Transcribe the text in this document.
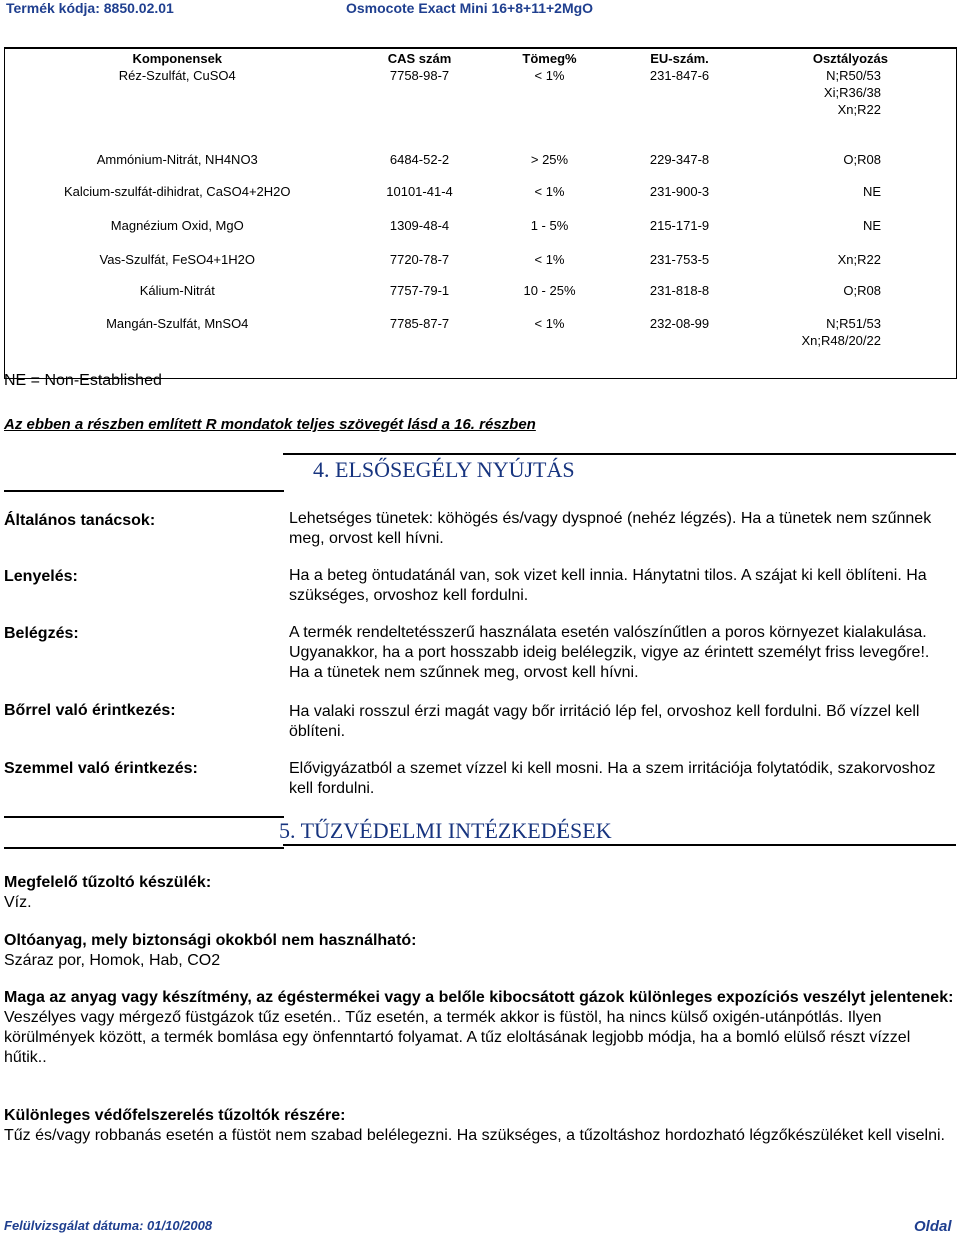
Termék kódja: 8850.02.01	Osmocote Exact Mini 16+8+11+2MgO
Komponensek	CAS szám	Tömeg%	EU-szám.	Osztályozás
Réz-Szulfát, CuSO4	7758-98-7	< 1%	231-847-6	N;R50/53
Xi;R36/38
Xn;R22
Ammónium-Nitrát, NH4NO3	6484-52-2	> 25%	229-347-8	O;R08
Kalcium-szulfát-dihidrat, CaSO4+2H2O	10101-41-4	< 1%	231-900-3	NE
Magnézium Oxid, MgO	1309-48-4	1 - 5%	215-171-9	NE
Vas-Szulfát, FeSO4+1H2O	7720-78-7	< 1%	231-753-5	Xn;R22
Kálium-Nitrát	7757-79-1	10 - 25%	231-818-8	O;R08
Mangán-Szulfát, MnSO4	7785-87-7	< 1%	232-08-99	N;R51/53
Xn;R48/20/22
NE = Non-Established
Az ebben a részben említett R mondatok teljes szövegét lásd a 16. részben
4. ELSŐSEGÉLY NYÚJTÁS
Általános tanácsok:	Lehetséges tünetek: köhögés és/vagy dyspnoé (nehéz légzés). Ha a tünetek nem szűnnek meg, orvost kell hívni.
Lenyelés:	Ha a beteg öntudatánál van, sok vizet kell innia. Hánytatni tilos. A szájat ki kell öblíteni. Ha szükséges, orvoshoz kell fordulni.
Belégzés:	A termék rendeltetésszerű használata esetén valószínűtlen a poros környezet kialakulása. Ugyanakkor, ha a port hosszabb ideig belélegzik, vigye az érintett személyt friss levegőre!. Ha a tünetek nem szűnnek meg, orvost kell hívni.
Bőrrel való érintkezés:	Ha valaki rosszul érzi magát vagy bőr irritáció lép fel, orvoshoz kell fordulni. Bő vízzel kell öblíteni.
Szemmel való érintkezés:	Elővigyázatból a szemet vízzel ki kell mosni. Ha a szem irritációja folytatódik, szakorvoshoz kell fordulni.
5. TŰZVÉDELMI INTÉZKEDÉSEK
Megfelelő tűzoltó készülék:
Víz.
Oltóanyag, mely biztonsági okokból nem használható:
Száraz por, Homok, Hab, CO2
Maga az anyag vagy készítmény, az égéstermékei vagy a belőle kibocsátott gázok különleges expozíciós veszélyt jelentenek:
Veszélyes vagy mérgező füstgázok tűz esetén.. Tűz esetén, a termék akkor is füstöl, ha nincs külső oxigén-utánpótlás. Ilyen körülmények között, a termék bomlása egy önfenntartó folyamat. A tűz eloltásának legjobb módja, ha a bomló elülső részt vízzel hűtik..
Különleges védőfelszerelés tűzoltók részére:
Tűz és/vagy robbanás esetén a füstöt nem szabad belélegezni. Ha szükséges, a tűzoltáshoz hordozható légzőkészüléket kell viselni.
Felülvizsgálat dátuma: 01/10/2008	Oldal
